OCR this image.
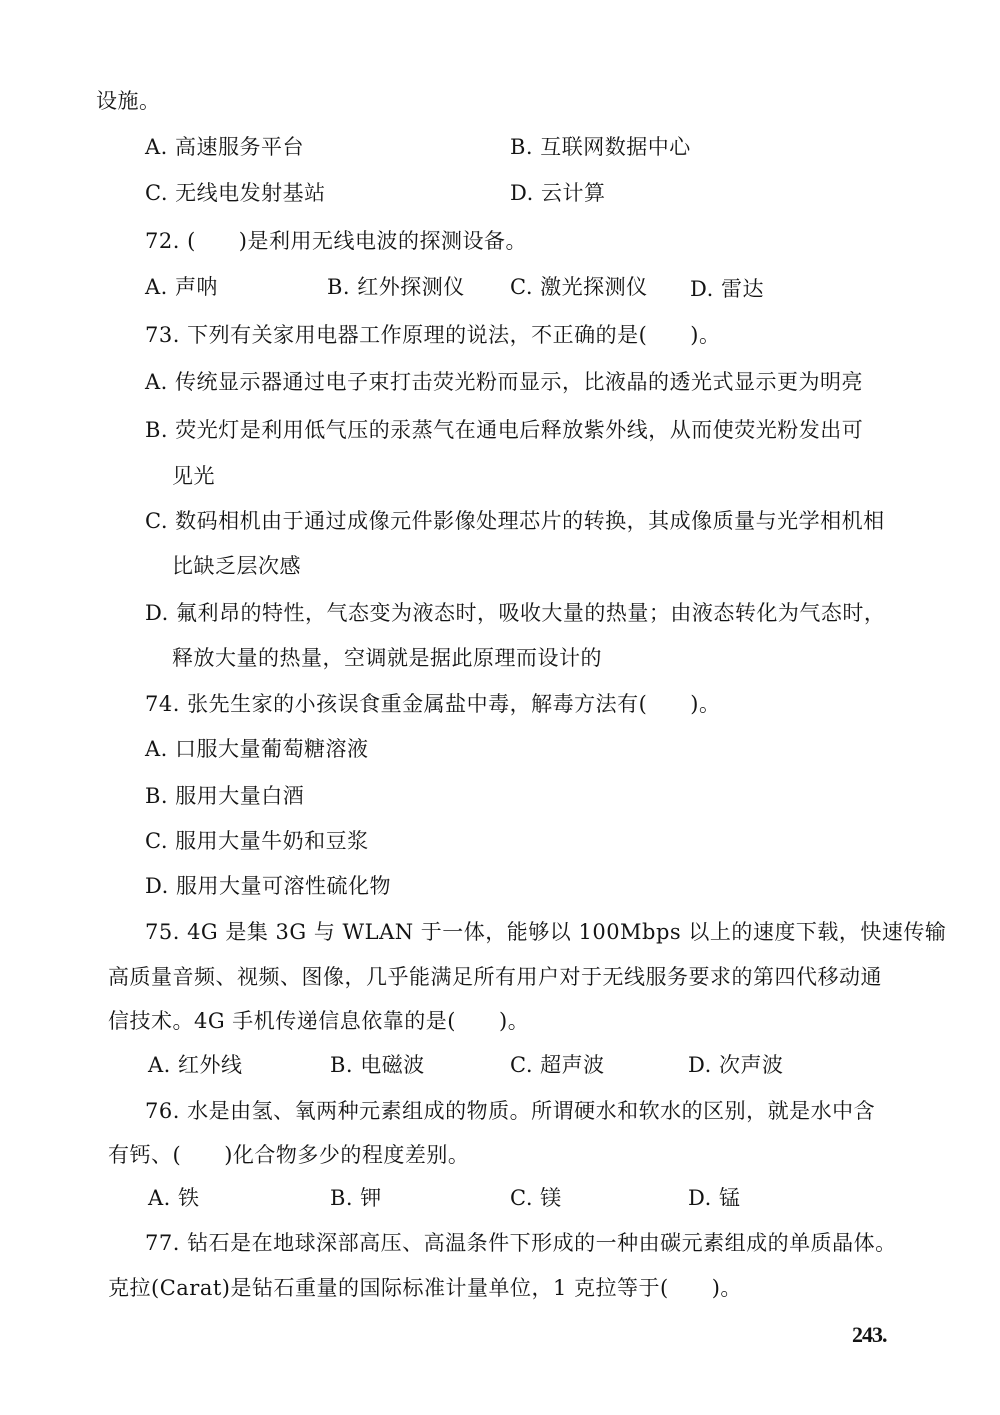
设施。
A. 高速服务平台	B. 互联网数据中心
C. 无线电发射基站	D. 云计算
72. (　　)是利用无线电波的探测设备。
A. 声呐	B. 红外探测仪 C. 激光探测仪 D. 雷达
73. 下列有关家用电器工作原理的说法，不正确的是(　　)。
A. 传统显示器通过电子束打击荧光粉而显示，比液晶的透光式显示更为明亮
B. 荧光灯是利用低气压的汞蒸气在通电后释放紫外线，从而使荧光粉发出可
见光
C. 数码相机由于通过成像元件影像处理芯片的转换，其成像质量与光学相机相
比缺乏层次感
D. 氟利昂的特性，气态变为液态时，吸收大量的热量；由液态转化为气态时，
释放大量的热量，空调就是据此原理而设计的
74. 张先生家的小孩误食重金属盐中毒，解毒方法有(　　)。
A. 口服大量葡萄糖溶液
B. 服用大量白酒
C. 服用大量牛奶和豆浆
D. 服用大量可溶性硫化物
75. 4G 是集 3G 与 WLAN 于一体，能够以 100Mbps 以上的速度下载，快速传输
高质量音频、视频、图像，几乎能满足所有用户对于无线服务要求的第四代移动通
信技术。4G 手机传递信息依靠的是(　　)。
A. 红外线	B. 电磁波	C. 超声波	D. 次声波
76. 水是由氢、氧两种元素组成的物质。所谓硬水和软水的区别，就是水中含
有钙、(　　)化合物多少的程度差别。
A. 铁	B. 钾	C. 镁	D. 锰
77. 钻石是在地球深部高压、高温条件下形成的一种由碳元素组成的单质晶体。
克拉(Carat)是钻石重量的国际标准计量单位，1 克拉等于(　　)。
243.
